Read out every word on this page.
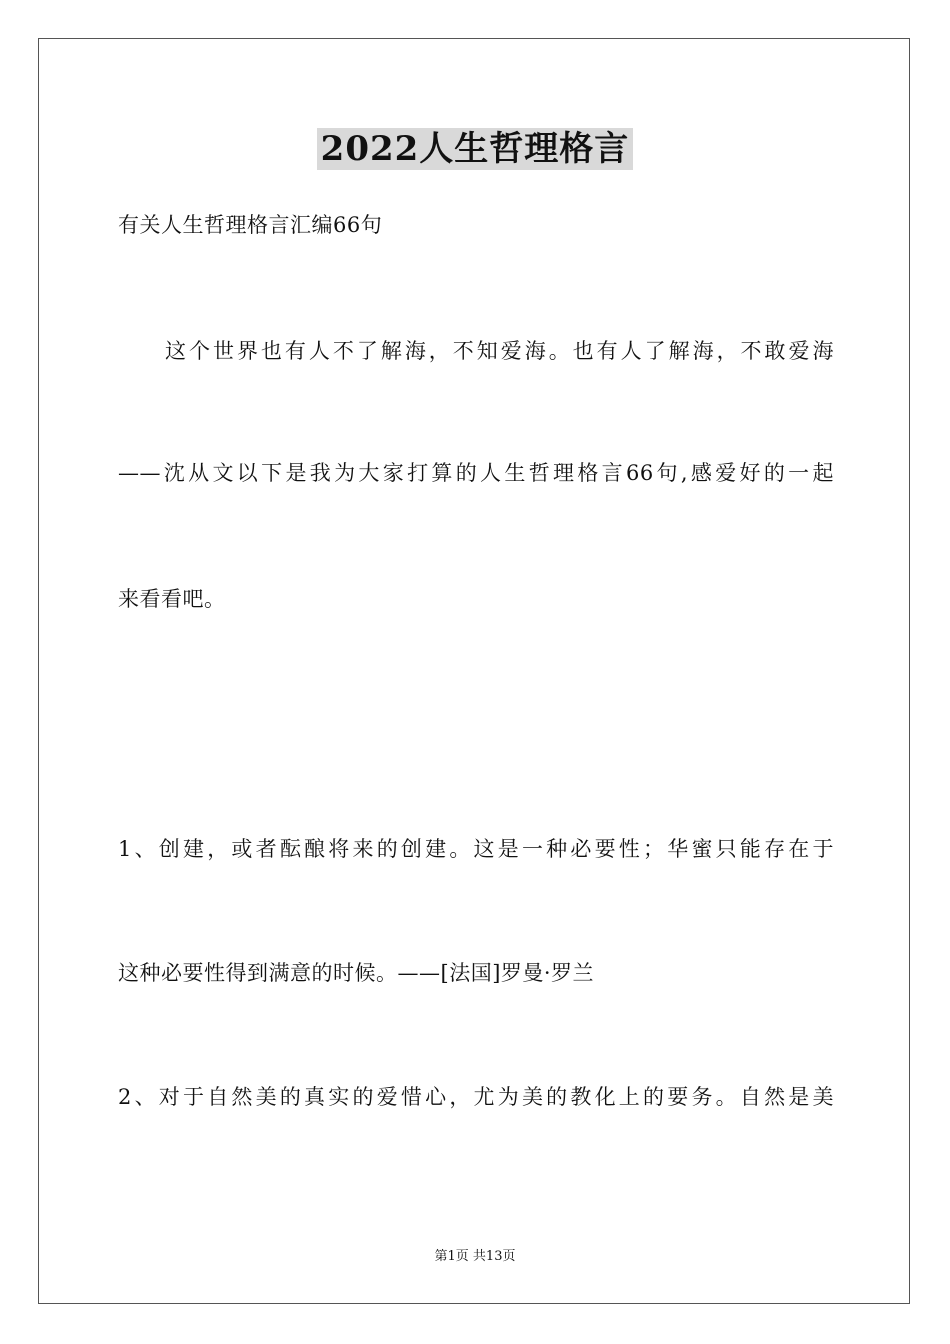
2022人生哲理格言
有关人生哲理格言汇编66句
这个世界也有人不了解海，不知爱海。也有人了解海，不敢爱海
——沈从文以下是我为大家打算的人生哲理格言66句,感爱好的一起
来看看吧。
1、创建，或者酝酿将来的创建。这是一种必要性；华蜜只能存在于
这种必要性得到满意的时候。——[法国]罗曼·罗兰
2、对于自然美的真实的爱惜心，尤为美的教化上的要务。自然是美
第1页 共13页
